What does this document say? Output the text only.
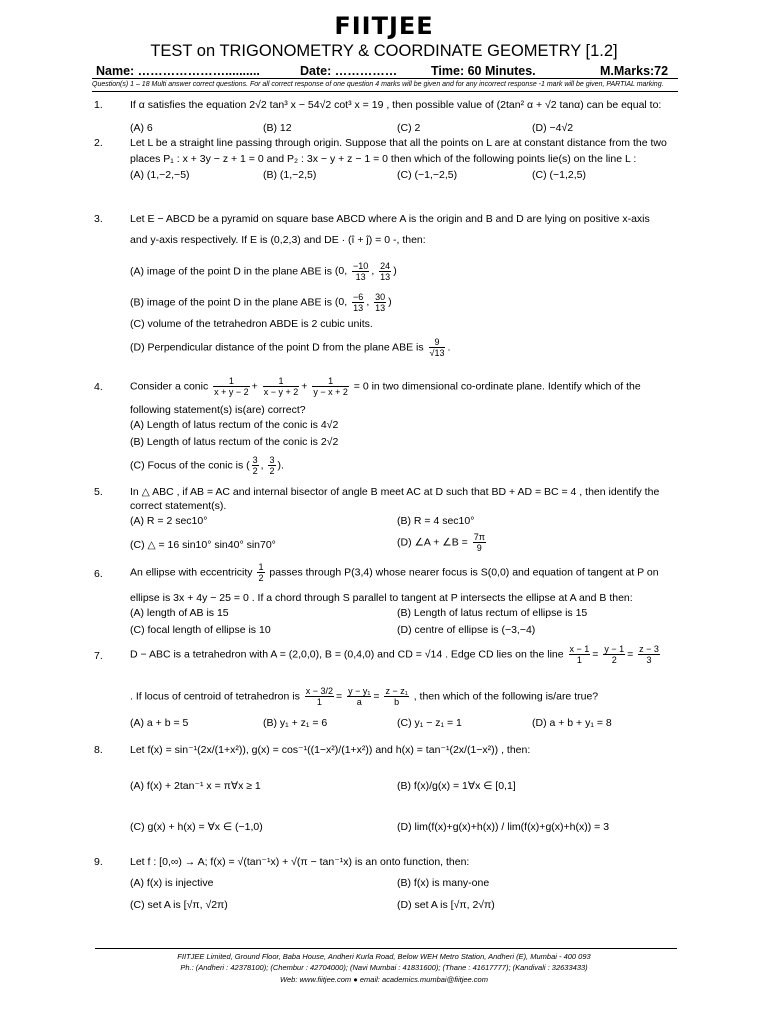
FIITJEE
TEST on TRIGONOMETRY & COORDINATE GEOMETRY [1.2]
Name: …………………..........	Date: ……………	Time: 60 Minutes.	M.Marks:72
Question(s) 1 – 18 Multi answer correct questions. For all correct response of one question 4 marks will be given and for any incorrect response -1 mark will be given, PARTIAL marking.
1.	If α satisfies the equation 2√2 tan³ x − 54√2 cot³ x = 19 , then possible value of (2tan² α + √2 tanα) can be equal to:
(A) 6	(B) 12	(C) 2	(D) −4√2
2.	Let L be a straight line passing through origin. Suppose that all the points on L are at constant distance from the two
places P₁ : x + 3y − z + 1 = 0 and P₂ : 3x − y + z − 1 = 0 then which of the following points lie(s) on the line L :
(A) (1,−2,−5)	(B) (1,−2,5)	(C) (−1,−2,5)	(C) (−1,2,5)
3.	Let E − ABCD be a pyramid on square base ABCD where A is the origin and B and D are lying on positive x-axis
and y-axis respectively. If E is (0,2,3) and DE · (î + ĵ) = 0 -, then:
(A) image of the point D in the plane ABE is (0, $\frac{-10}{13}$ , $\frac{24}{13}$ )
(B) image of the point D in the plane ABE is (0, $\frac{-6}{13}$ , $\frac{30}{13}$ )
(C) volume of the tetrahedron ABDE is 2 cubic units.
(D) Perpendicular distance of the point D from the plane ABE is $\frac{9}{√13}$ .
4.	Consider a conic $\frac{1}{x + y - 2} + \frac{1}{x - y + 2} + \frac{1}{y - x + 2} = 0$ in two dimensional co-ordinate plane. Identify which of the
following statement(s) is(are) correct?
(A) Length of latus rectum of the conic is 4√2
(B) Length of latus rectum of the conic is 2√2
(C) Focus of the conic is ( $\frac{3}{2}$ , $\frac{3}{2}$ ).
5.	In △ ABC , if AB = AC and internal bisector of angle B meet AC at D such that BD + AD = BC = 4 , then identify the
correct statement(s).
(A) R = 2 sec10°	(B) R = 4 sec10°
(C) △ = 16 sin10° sin40° sin70°	(D) ∠A + ∠B = $\frac{7\pi}{9}$
6.	An ellipse with eccentricity $\frac{1}{2}$ passes through P(3,4) whose nearer focus is S(0,0) and equation of tangent at P on
ellipse is 3x + 4y − 25 = 0 . If a chord through S parallel to tangent at P intersects the ellipse at A and B then:
(A) length of AB is 15	(B) Length of latus rectum of ellipse is 15
(C) focal length of ellipse is 10	(D) centre of ellipse is (−3,−4)
7.	D − ABC is a tetrahedron with A = (2,0,0), B = (0,4,0) and CD = √14 . Edge CD lies on the line $\frac{x - 1}{1} = \frac{y - 1}{2} = \frac{z - 3}{3}$
. If locus of centroid of tetrahedron is $\frac{x - 3/2}{1} = \frac{\text{y − y₁}}{a} = \frac{\text{z − z₁}}{b}$ , then which of the following is/are true?
(A) a + b = 5	(B) y₁ + z₁ = 6	(C) y₁ − z₁ = 1	(D) a + b + y₁ = 8
8.	Let f(x) = sin⁻¹(2x/(1+x²)), g(x) = cos⁻¹((1−x²)/(1+x²)) and h(x) = tan⁻¹(2x/(1−x²)) , then:
(A) f(x) + 2tan⁻¹ x = π∀x ≥ 1	(B) f(x)/g(x) = 1∀x ∈ [0,1]
(C) g(x) + h(x) = ∀x ∈ (−1,0)	(D) lim(f(x)+g(x)+h(x)) / lim(f(x)+g(x)+h(x)) = 3
9.	Let f : [0,∞) → A; f(x) = √(tan⁻¹x) + √(π − tan⁻¹x) is an onto function, then:
(A) f(x) is injective	(B) f(x) is many-one
(C) set A is [√π, √2π)	(D) set A is [√π, 2√π)
FIITJEE Limited, Ground Floor, Baba House, Andheri Kurla Road, Below WEH Metro Station, Andheri (E), Mumbai - 400 093
Ph.: (Andheri : 42378100); (Chembur : 42704000); (Navi Mumbai : 41831600); (Thane : 41617777); (Kandivali : 32633433)
Web: www.fiitjee.com ● email: academics.mumbai@fiitjee.com
